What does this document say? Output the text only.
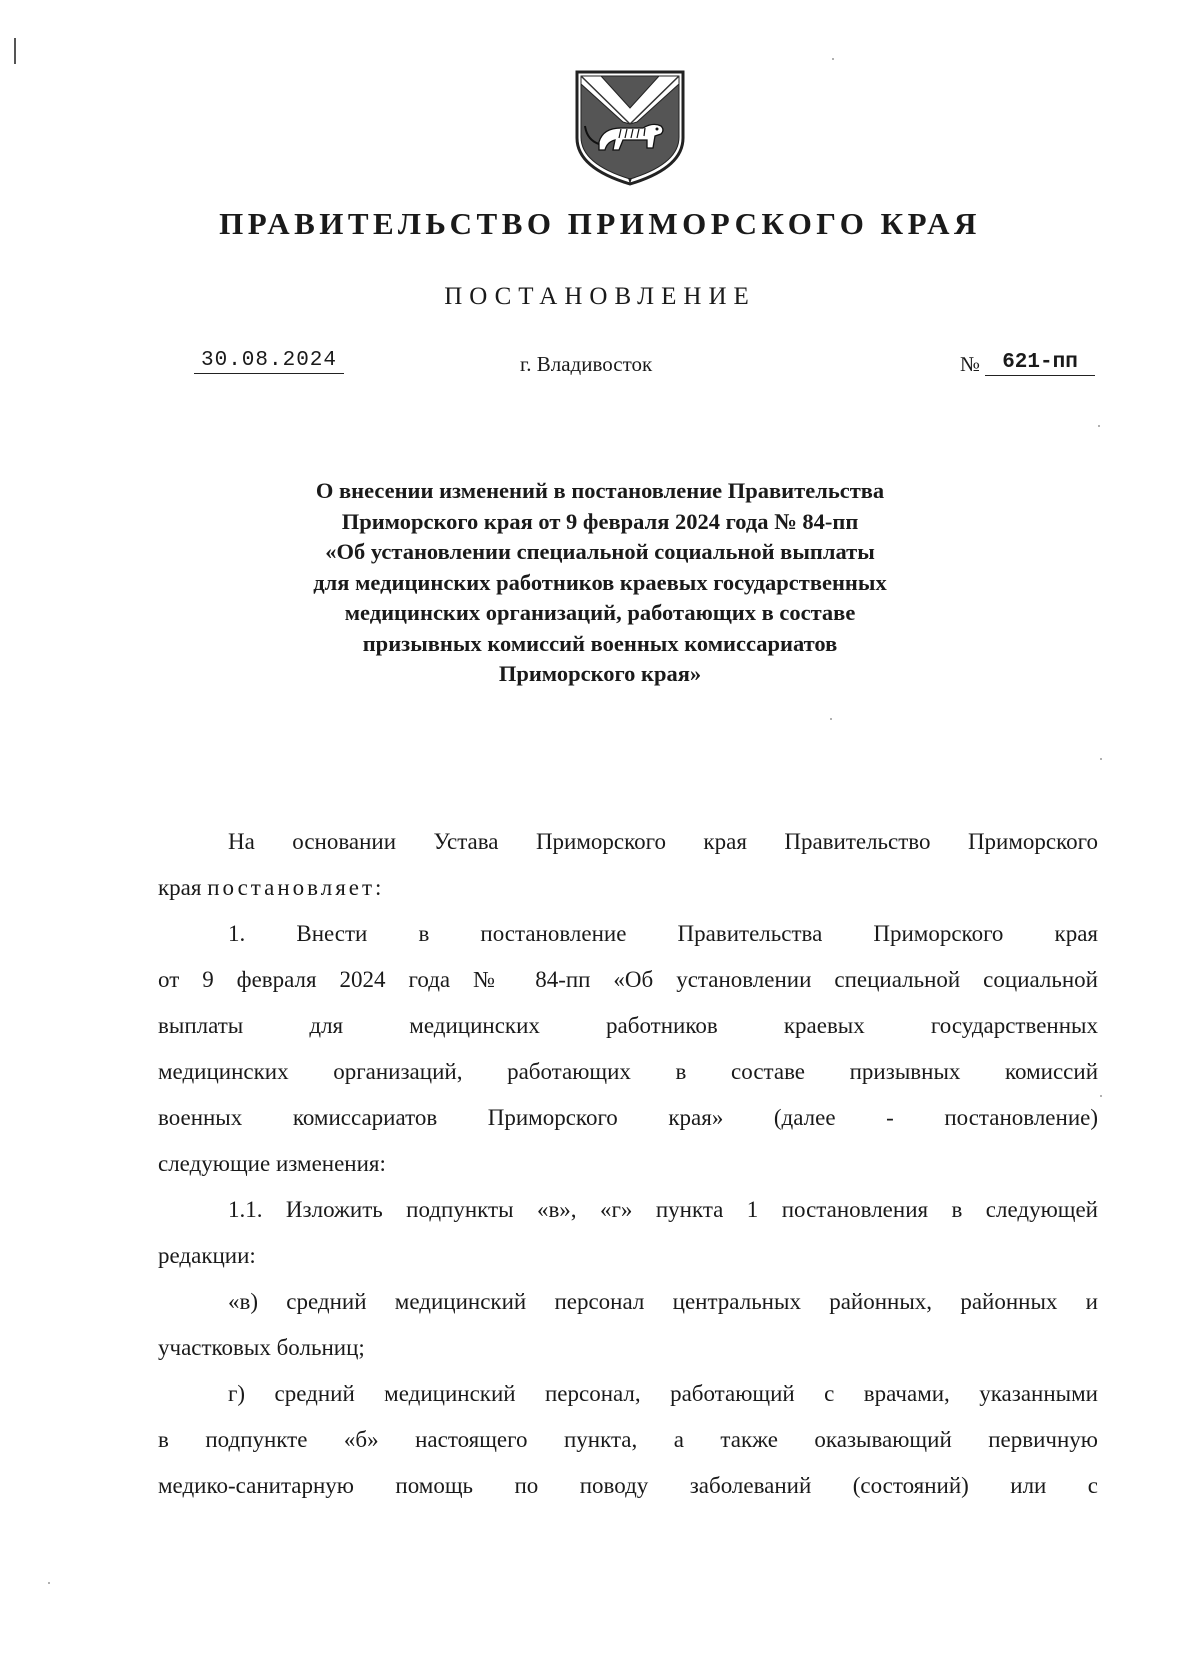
ПРАВИТЕЛЬСТВО ПРИМОРСКОГО КРАЯ
ПОСТАНОВЛЕНИЕ
30.08.2024	г. Владивосток	№	621-пп
О внесении изменений в постановление Правительства
Приморского края от 9 февраля 2024 года № 84-пп
«Об установлении специальной социальной выплаты
для медицинских работников краевых государственных
медицинских организаций, работающих в составе
призывных комиссий военных комиссариатов
Приморского края»
На основании Устава Приморского края Правительство Приморского
края постановляет:
1. Внести в постановление Правительства Приморского края
от 9 февраля 2024 года № 84-пп «Об установлении специальной социальной
выплаты для медицинских работников краевых государственных
медицинских организаций, работающих в составе призывных комиссий
военных комиссариатов Приморского края» (далее - постановление)
следующие изменения:
1.1. Изложить подпункты «в», «г» пункта 1 постановления в следующей
редакции:
«в) средний медицинский персонал центральных районных, районных и
участковых больниц;
г) средний медицинский персонал, работающий с врачами, указанными
в подпункте «б» настоящего пункта, а также оказывающий первичную
медико-санитарную помощь по поводу заболеваний (состояний) или с
